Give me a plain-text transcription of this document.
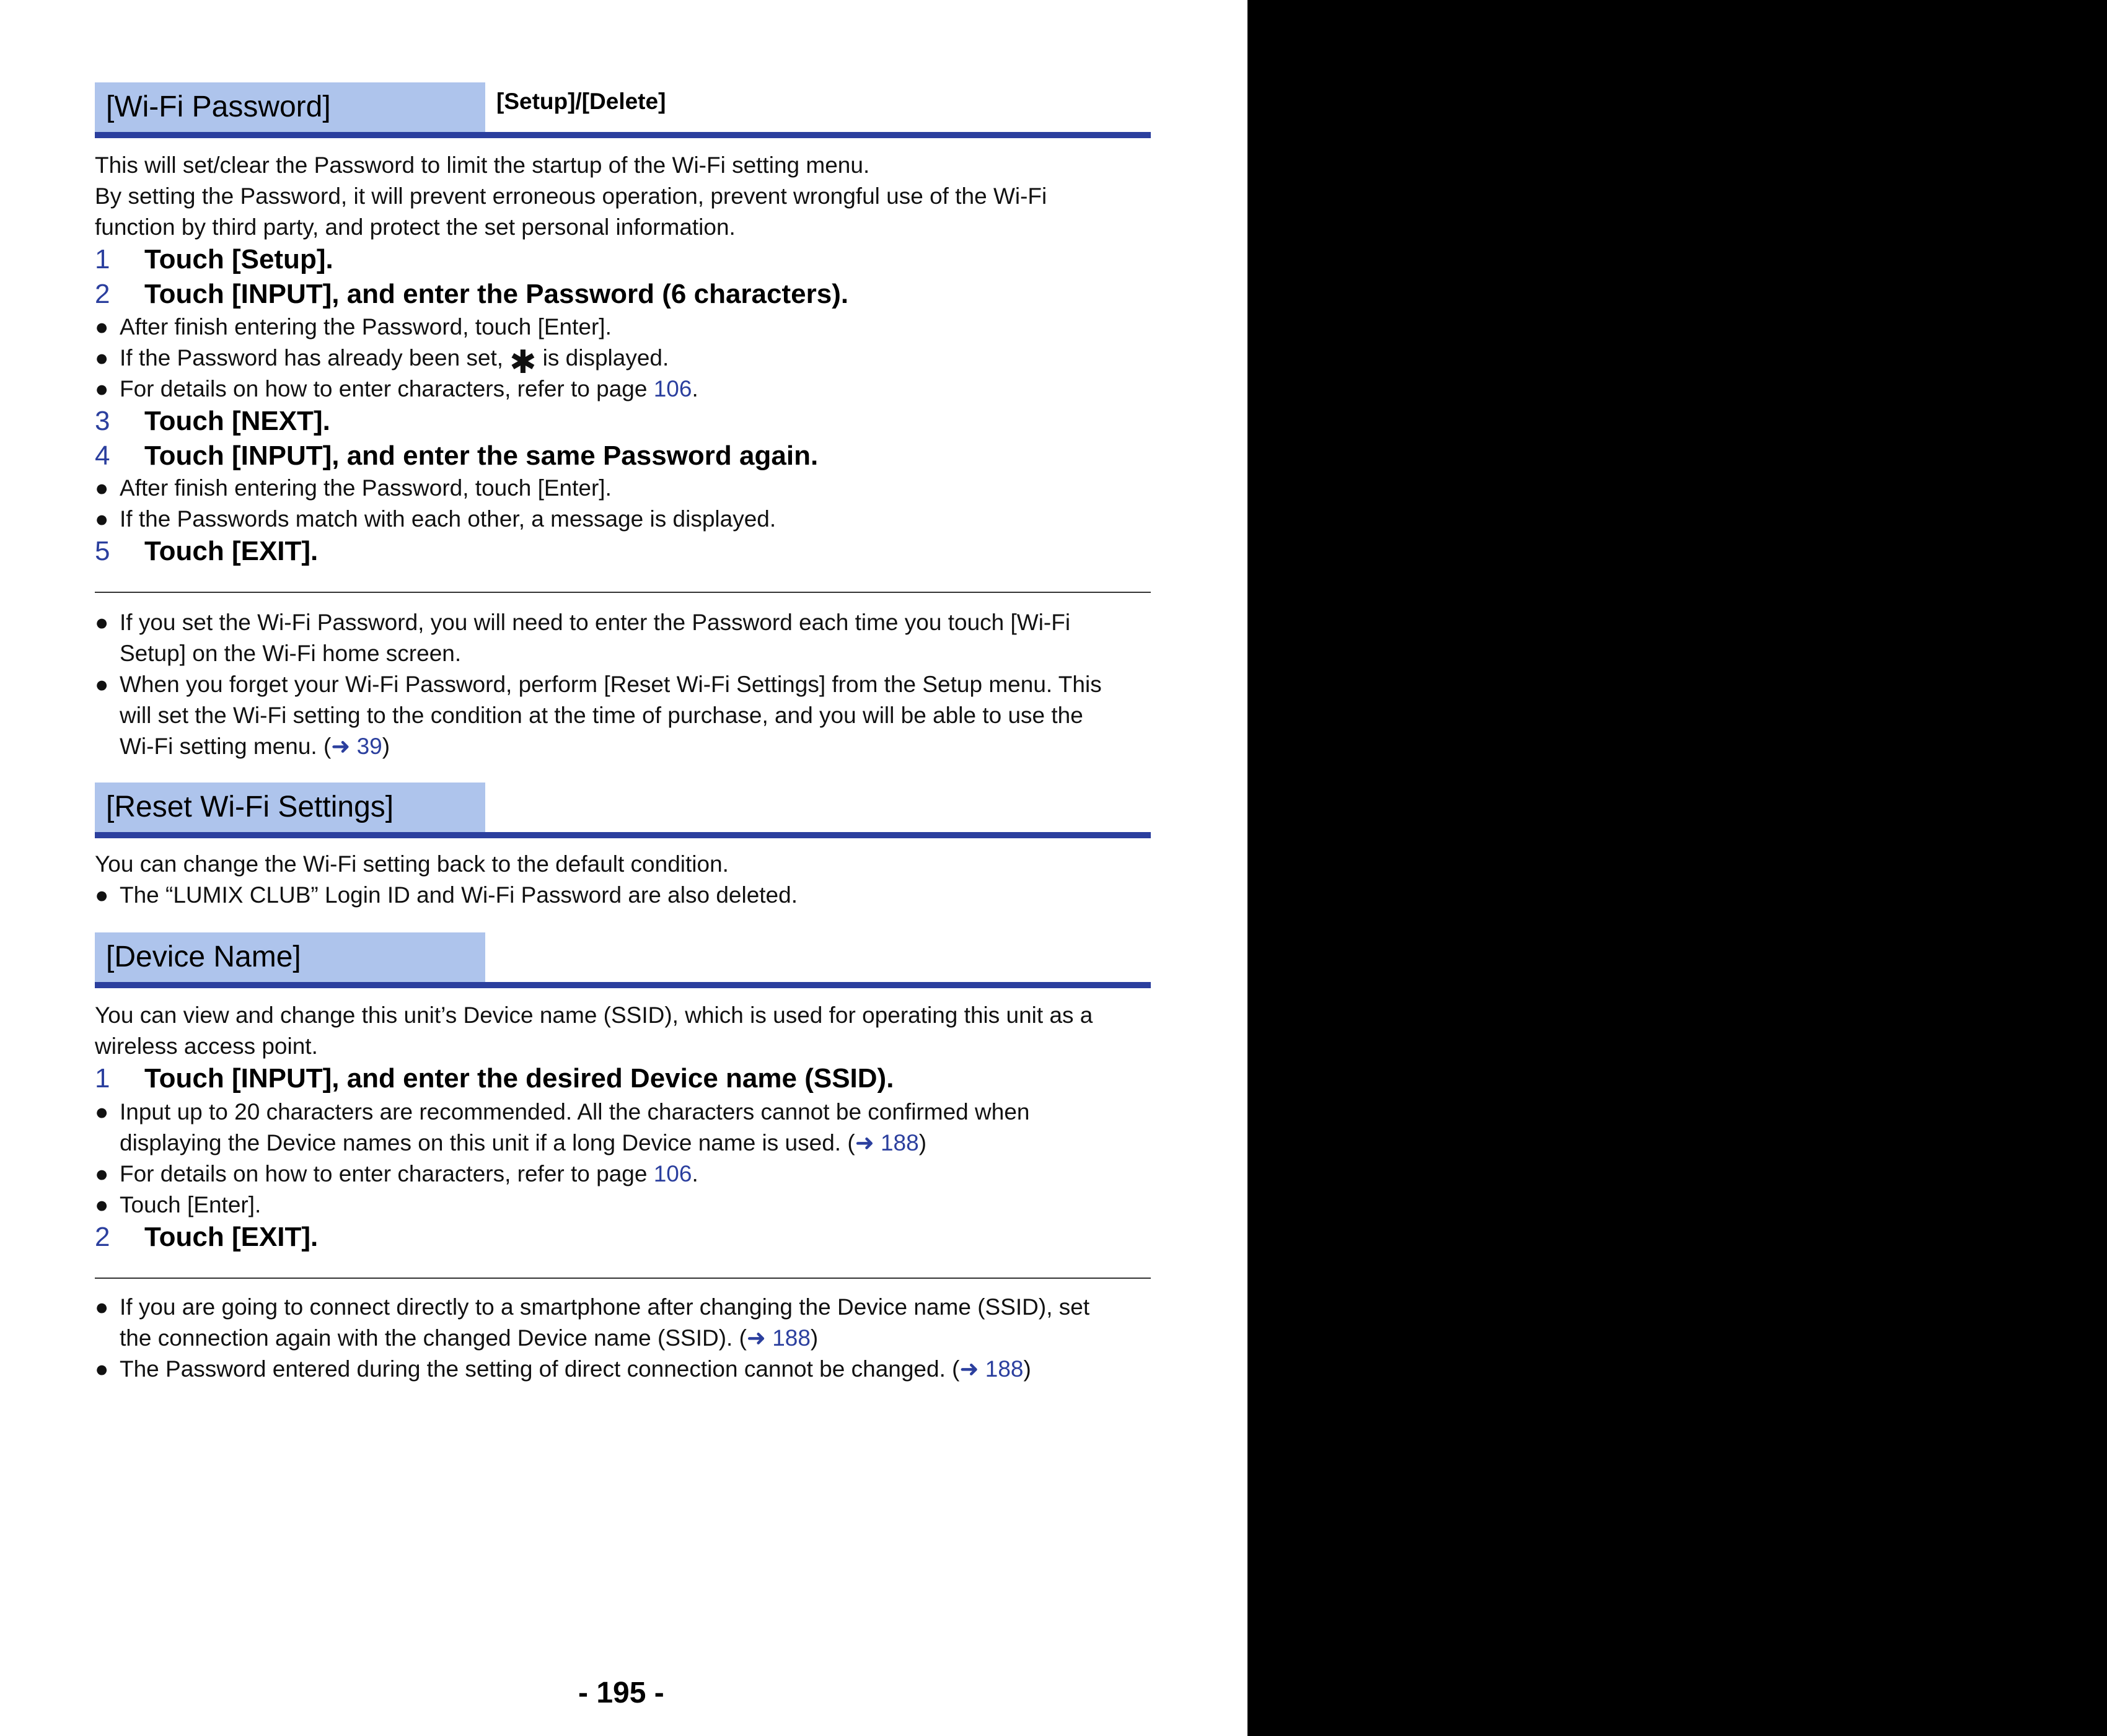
[Wi-Fi Password]	[Setup]/[Delete]
This will set/clear the Password to limit the startup of the Wi-Fi setting menu.
By setting the Password, it will prevent erroneous operation, prevent wrongful use of the Wi-Fi
function by third party, and protect the set personal information.
1 Touch [Setup].
2 Touch [INPUT], and enter the Password (6 characters).
● After finish entering the Password, touch [Enter].
● If the Password has already been set, ✱ is displayed.
● For details on how to enter characters, refer to page 106.
3 Touch [NEXT].
4 Touch [INPUT], and enter the same Password again.
● After finish entering the Password, touch [Enter].
● If the Passwords match with each other, a message is displayed.
5 Touch [EXIT].
● If you set the Wi-Fi Password, you will need to enter the Password each time you touch [Wi-Fi
Setup] on the Wi-Fi home screen.
● When you forget your Wi-Fi Password, perform [Reset Wi-Fi Settings] from the Setup menu. This
will set the Wi-Fi setting to the condition at the time of purchase, and you will be able to use the
Wi-Fi setting menu. (➜ 39)
[Reset Wi-Fi Settings]
You can change the Wi-Fi setting back to the default condition.
● The “LUMIX CLUB” Login ID and Wi-Fi Password are also deleted.
[Device Name]
You can view and change this unit’s Device name (SSID), which is used for operating this unit as a
wireless access point.
1 Touch [INPUT], and enter the desired Device name (SSID).
● Input up to 20 characters are recommended. All the characters cannot be confirmed when
displaying the Device names on this unit if a long Device name is used. (➜ 188)
● For details on how to enter characters, refer to page 106.
● Touch [Enter].
2 Touch [EXIT].
● If you are going to connect directly to a smartphone after changing the Device name (SSID), set
the connection again with the changed Device name (SSID). (➜ 188)
● The Password entered during the setting of direct connection cannot be changed. (➜ 188)
- 195 -
